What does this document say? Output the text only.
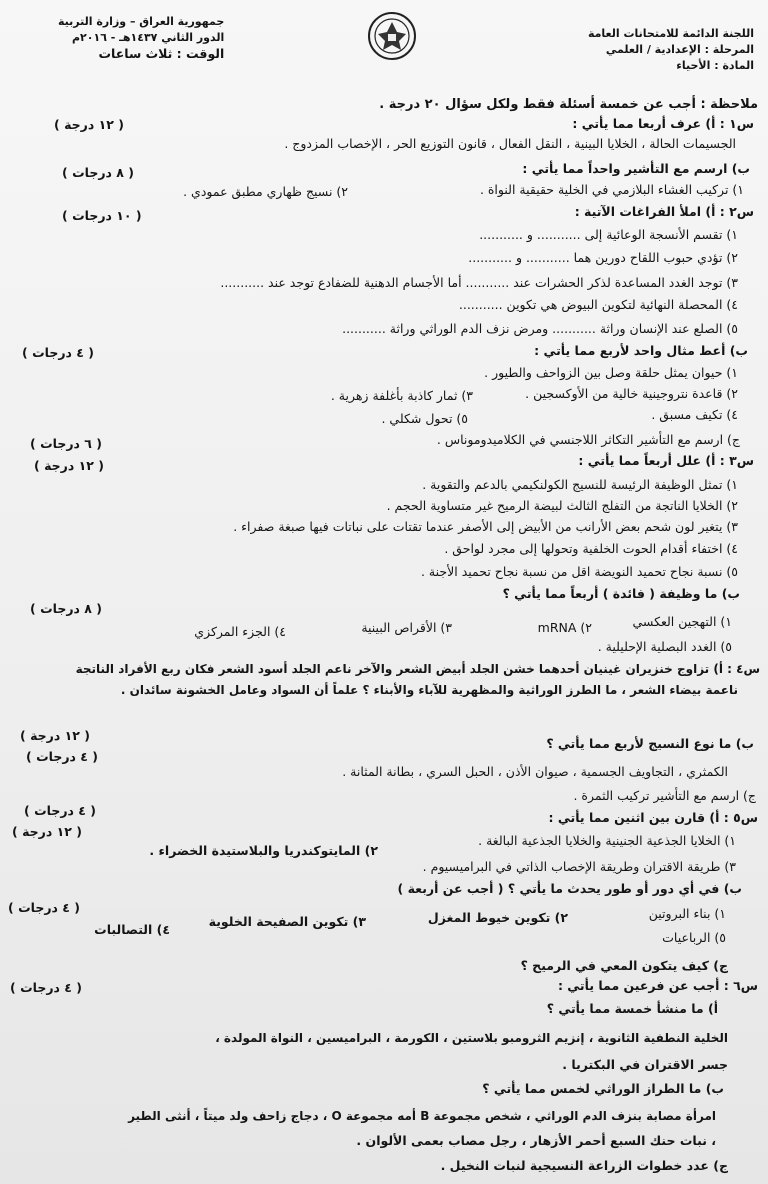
اللجنة الدائمة للامتحانات العامة
المرحلة : الإعدادية / العلمي
المادة : الأحياء
جمهورية العراق – وزارة التربية
الدور الثاني ١٤٣٧هـ - ٢٠١٦م
الوقت : ثلاث ساعات
ملاحظة : أجب عن خمسة أسئلة فقط ولكل سؤال ٢٠ درجة .
س١ : أ) عرف أربعا مما يأتي :
( ١٢ درجة )
الجسيمات الحالة ، الخلايا البينية ، النقل الفعال ، قانون التوزيع الحر ، الإخصاب المزدوج .
ب) ارسم مع التأشير واحداً مما يأتي :
( ٨ درجات )
١) تركيب الغشاء البلازمي في الخلية حقيقية النواة .
٢) نسيج ظهاري مطبق عمودي .
س٢ : أ) املأ الفراغات الآتية :
( ١٠ درجات )
١) تقسم الأنسجة الوعائية إلى ........... و ...........
٢) تؤدي حبوب اللقاح دورين هما ........... و ...........
٣) توجد الغدد المساعدة لذكر الحشرات عند ........... أما الأجسام الدهنية للضفادع توجد عند ...........
٤) المحصلة النهائية لتكوين البيوض هي تكوين ...........
٥) الصلع عند الإنسان وراثة ........... ومرض نزف الدم الوراثي وراثة ...........
ب) أعط مثال واحد لأربع مما يأتي :
( ٤ درجات )
١) حيوان يمثل حلقة وصل بين الزواحف والطيور .
٢) قاعدة نتروجينية خالية من الأوكسجين .
٣) ثمار كاذبة بأغلفة زهرية .
٤) تكيف مسبق .
٥) تحول شكلي .
ج) ارسم مع التأشير التكاثر اللاجنسي في الكلاميدوموناس .
( ٦ درجات )
س٣ : أ) علل أربعاً مما يأتي :
( ١٢ درجة )
١) تمثل الوظيفة الرئيسة للنسيج الكولنكيمي بالدعم والتقوية .
٢) الخلايا الناتجة من التفلج الثالث لبيضة الرميح غير متساوية الحجم .
٣) يتغير لون شحم بعض الأرانب من الأبيض إلى الأصفر عندما تقتات على نباتات فيها صبغة صفراء .
٤) اختفاء أقدام الحوت الخلفية وتحولها إلى مجرد لواحق .
٥) نسبة نجاح تحميد النويضة اقل من نسبة نجاح تحميد الأجنة .
ب) ما وظيفة ( فائدة ) أربعاً مما يأتي ؟
( ٨ درجات )
١) التهجين العكسي
٢) mRNA
٣) الأقراص البينية
٤) الجزء المركزي
٥) الغدد البصلية الإحليلية .
س٤ : أ) تزاوج خنزيران غينيان أحدهما خشن الجلد أبيض الشعر والآخر ناعم الجلد أسود الشعر فكان ربع الأفراد الناتجة
ناعمة بيضاء الشعر ، ما الطرز الوراثية والمظهرية للآباء والأبناء ؟ علماً أن السواد وعامل الخشونة سائدان .
ب) ما نوع النسيج لأربع مما يأتي ؟
( ١٢ درجة )
( ٤ درجات )
الكمثري ، التجاويف الجسمية ، صيوان الأذن ، الحبل السري ، بطانة المثانة .
ج) ارسم مع التأشير تركيب الثمرة .
س٥ : أ) قارن بين اثنين مما يأتي :
( ٤ درجات )
( ١٢ درجة )
١) الخلايا الجذعية الجنينية والخلايا الجذعية البالغة .
٢) المايتوكندريا والبلاستيدة الخضراء .
٣) طريقة الاقتران وطريقة الإخصاب الذاتي في البراميسيوم .
ب) في أي دور أو طور يحدث ما يأتي ؟ ( أجب عن أربعة )
( ٤ درجات )	١) بناء البروتين
٢) تكوين خيوط المغزل
٣) تكوين الصفيحة الخلوية
٤) التصالبات
٥) الرباعيات
ج) كيف يتكون المعي في الرميح ؟
س٦ : أجب عن فرعين مما يأتي :
( ٤ درجات )
أ) ما منشأ خمسة مما يأتي ؟
الخلية النطفية الثانوية ، إنزيم الثرومبو بلاستين ، الكورمة ، البراميسين ، النواة المولدة ،
جسر الاقتران في البكتريا .
ب) ما الطراز الوراثي لخمس مما يأتي ؟
امرأة مصابة بنزف الدم الوراثي ، شخص مجموعة B أمه مجموعة O ، دجاج زاحف ولد ميتاً ، أنثى الطير
، نبات حنك السبع أحمر الأزهار ، رجل مصاب بعمى الألوان .
ج) عدد خطوات الزراعة النسيجية لنبات النخيل .
